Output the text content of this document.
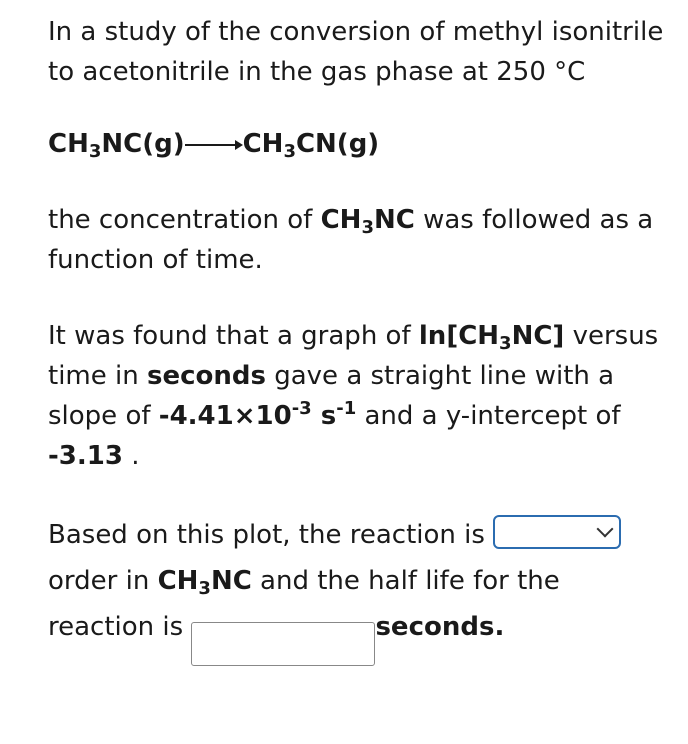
In a study of the conversion of methyl isonitrile to acetonitrile in the gas phase at 250 °C

$CH_3NC(g)$ $CH_3CN(g)$

the concentration of $CH_3NC$ was followed as a function of time.

It was found that a graph of $\ln[CH_3NC]$ versus time in seconds gave a straight line with a slope of $-4.41\times 10^{-3}$ $s^{-1}$ and a y-intercept of -3.13 .

Based on this plot, the reaction is
order in $CH_3NC$ and the half life for the reaction is	seconds.
